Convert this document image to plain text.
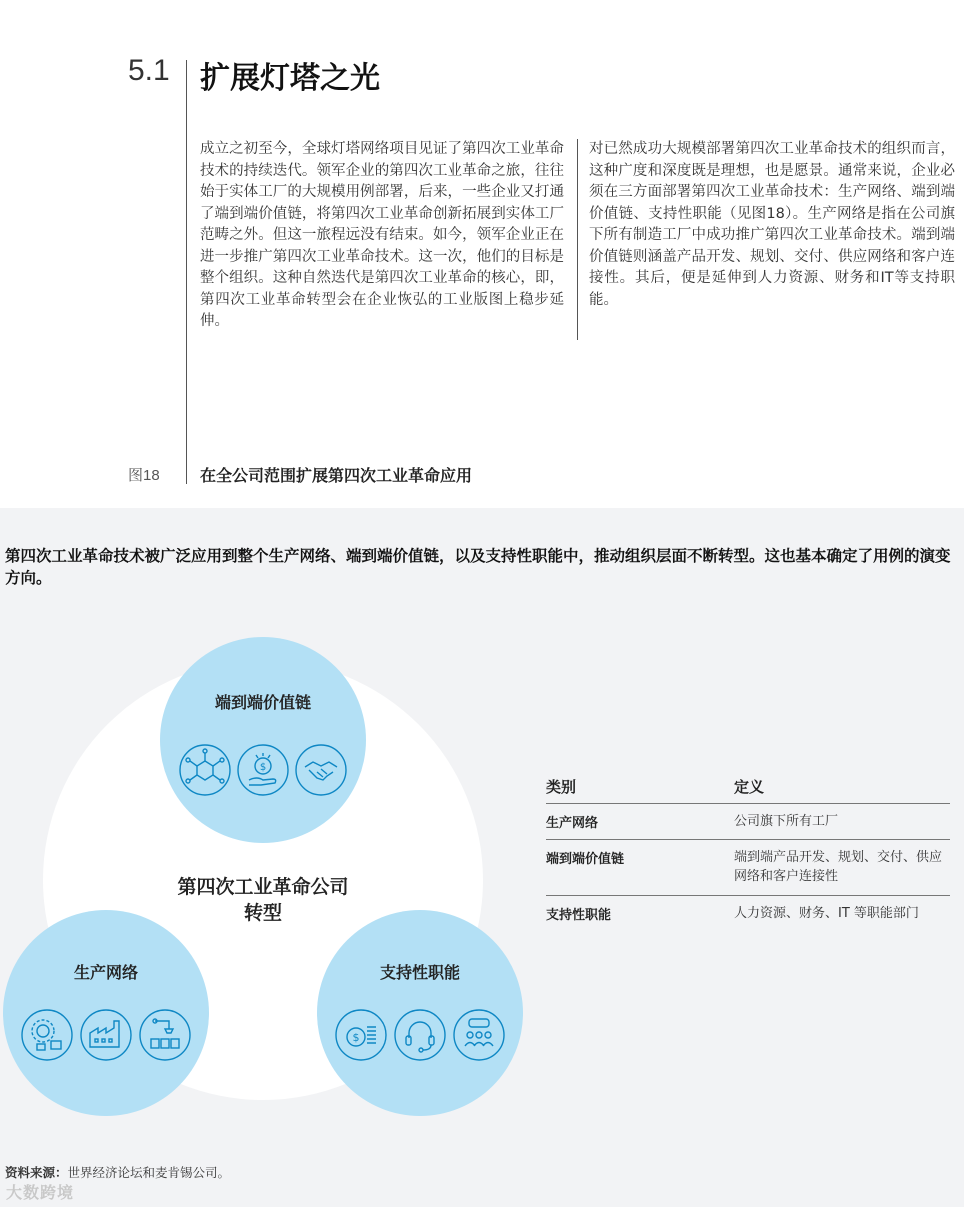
5.1 扩展灯塔之光
成立之初至今，全球灯塔网络项目见证了第四次工业革命技术的持续迭代。领军企业的第四次工业革命之旅，往往始于实体工厂的大规模用例部署，后来，一些企业又打通了端到端价值链，将第四次工业革命创新拓展到实体工厂范畴之外。但这一旅程远没有结束。如今，领军企业正在进一步推广第四次工业革命技术。这一次，他们的目标是整个组织。这种自然迭代是第四次工业革命的核心，即，第四次工业革命转型会在企业恢弘的工业版图上稳步延伸。
对已然成功大规模部署第四次工业革命技术的组织而言，这种广度和深度既是理想，也是愿景。通常来说，企业必须在三方面部署第四次工业革命技术：生产网络、端到端价值链、支持性职能（见图18）。生产网络是指在公司旗下所有制造工厂中成功推广第四次工业革命技术。端到端价值链则涵盖产品开发、规划、交付、供应网络和客户连接性。其后，便是延伸到人力资源、财务和IT等支持职能。
图18	在全公司范围扩展第四次工业革命应用
第四次工业革命技术被广泛应用到整个生产网络、端到端价值链，以及支持性职能中，推动组织层面不断转型。这也基本确定了用例的演变方向。
端到端价值链
$
生产网络	支持性职能
$
第四次工业革命公司
转型
类别	定义
生产网络	公司旗下所有工厂
端到端价值链	端到端产品开发、规划、交付、供应网络和客户连接性
支持性职能	人力资源、财务、IT 等职能部门
资料来源：世界经济论坛和麦肯锡公司。
大数跨境
